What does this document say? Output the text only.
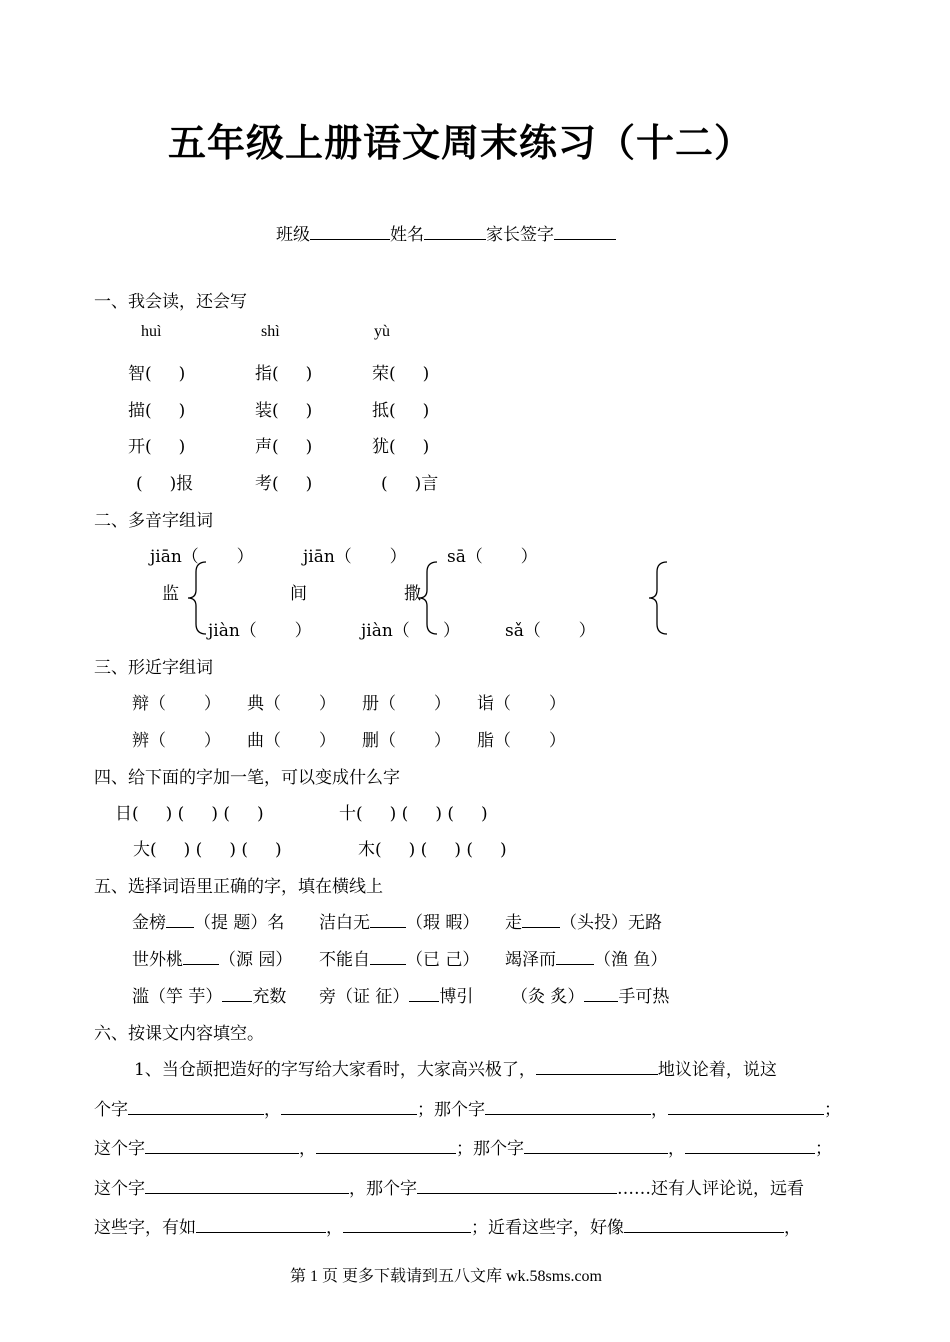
五年级上册语文周末练习（十二）
班级	姓名	家长签字
一、我会读，还会写
huì	shì	yù
智(     )	指(     )	荣(     )
描(     )	装(     )	抵(     )
开(     )	声(     )	犹(     )
(     )报	考(     )	(     )言
二、多音字组词
jiān（       ）	jiān（       ） sā（       ）
监	间	撒
jiàn（       ）	jiàn（ ）	sǎ（       ）
三、形近字组词
辩（       ） 典（       ） 册（       ） 诣（       ）
辨（       ） 曲（       ） 删（       ） 脂（       ）
四、给下面的字加一笔，可以变成什么字
日(     ) (     ) (     )	十(     ) (     ) (     )
大(     ) (     ) (     )	木(     ) (     ) (     )
五、选择词语里正确的字，填在横线上
金榜 （提 题）名 洁白无 （瑕 暇） 走 （头投）无路
世外桃 （源 园） 不能自 （已 己） 竭泽而 （渔 鱼）
滥（竽 芋） 充数 旁（证 征） 博引 （灸 炙） 手可热
六、按课文内容填空。
1、当仓颉把造好的字写给大家看时，大家高兴极了，	地议论着，说这
个字	，	；那个字	，	；
这个字	，	；那个字	，	；
这个字	，那个字	……还有人评论说，远看
这些字，有如	，	；近看这些字，好像	，
第 1 页 更多下载请到五八文库 wk.58sms.com
